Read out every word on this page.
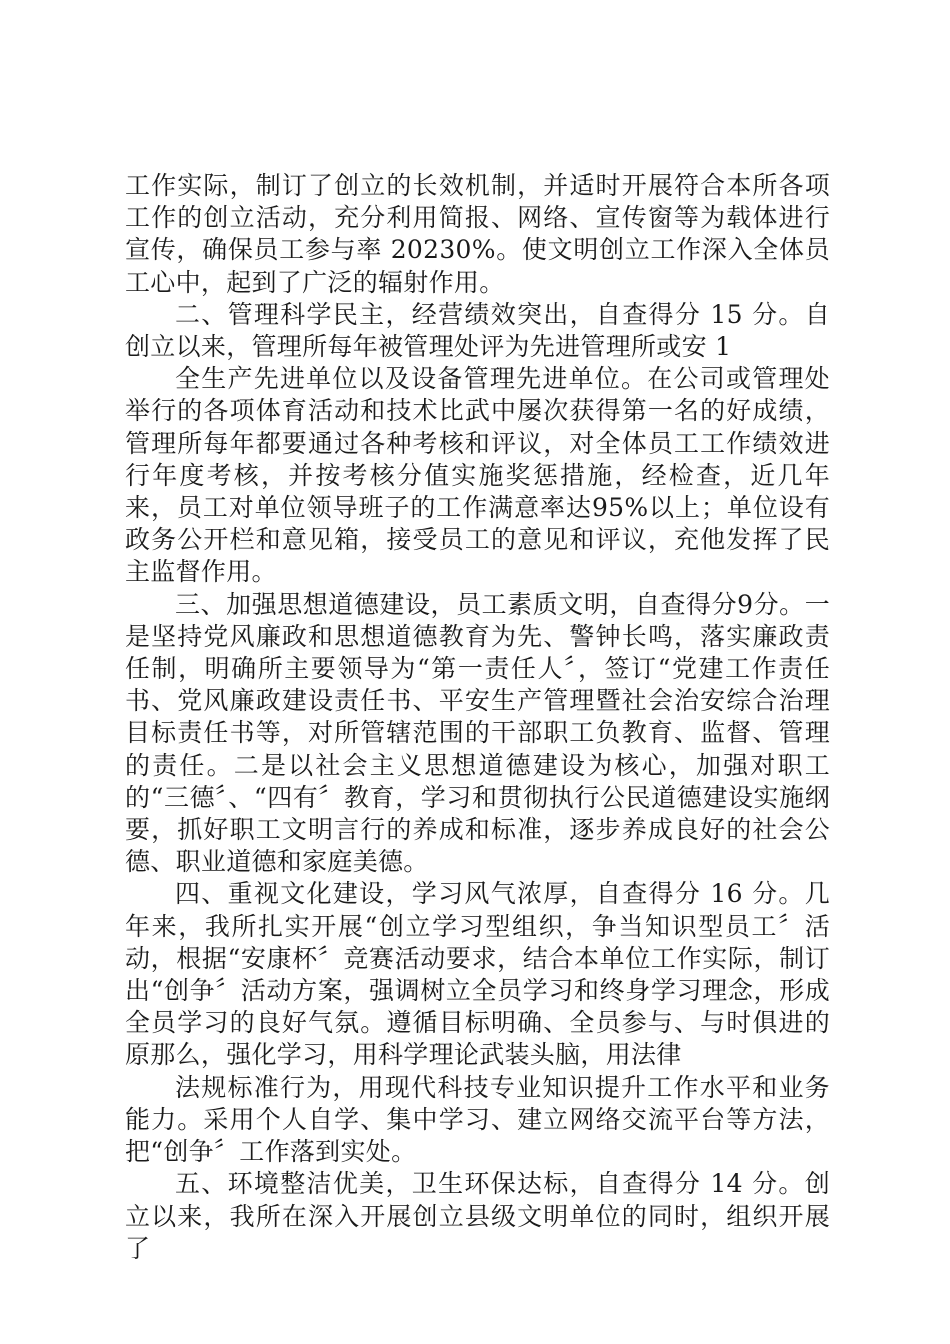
工作实际，制订了创立的长效机制，并适时开展符合本所各项工作的创立活动，充分利用简报、网络、宣传窗等为载体进行宣传，确保员工参与率 20230%。使文明创立工作深入全体员工心中，起到了广泛的辐射作用。

二、管理科学民主，经营绩效突出，自查得分 15 分。自创立以来，管理所每年被管理处评为先进管理所或安 1

全生产先进单位以及设备管理先进单位。在公司或管理处举行的各项体育活动和技术比武中屡次获得第一名的好成绩，管理所每年都要通过各种考核和评议，对全体员工工作绩效进行年度考核，并按考核分值实施奖惩措施，经检查，近几年来，员工对单位领导班子的工作满意率达95%以上；单位设有政务公开栏和意见箱，接受员工的意见和评议，充他发挥了民主监督作用。

三、加强思想道德建设，员工素质文明，自查得分9分。一是坚持党风廉政和思想道德教育为先、警钟长鸣，落实廉政责任制，明确所主要领导为“第一责任人〞，签订“党建工作责任书、党风廉政建设责任书、平安生产管理暨社会治安综合治理目标责任书等，对所管辖范围的干部职工负教育、监督、管理的责任。二是以社会主义思想道德建设为核心，加强对职工的“三德〞、“四有〞教育，学习和贯彻执行公民道德建设实施纲要，抓好职工文明言行的养成和标准，逐步养成良好的社会公德、职业道德和家庭美德。

四、重视文化建设，学习风气浓厚，自查得分 16 分。几年来，我所扎实开展“创立学习型组织，争当知识型员工〞活动，根据“安康杯〞竞赛活动要求，结合本单位工作实际，制订出“创争〞活动方案，强调树立全员学习和终身学习理念，形成全员学习的良好气氛。遵循目标明确、全员参与、与时俱进的原那么，强化学习，用科学理论武装头脑，用法律

法规标准行为，用现代科技专业知识提升工作水平和业务能力。采用个人自学、集中学习、建立网络交流平台等方法，把“创争〞工作落到实处。

五、环境整洁优美，卫生环保达标，自查得分 14 分。创立以来，我所在深入开展创立县级文明单位的同时，组织开展了
